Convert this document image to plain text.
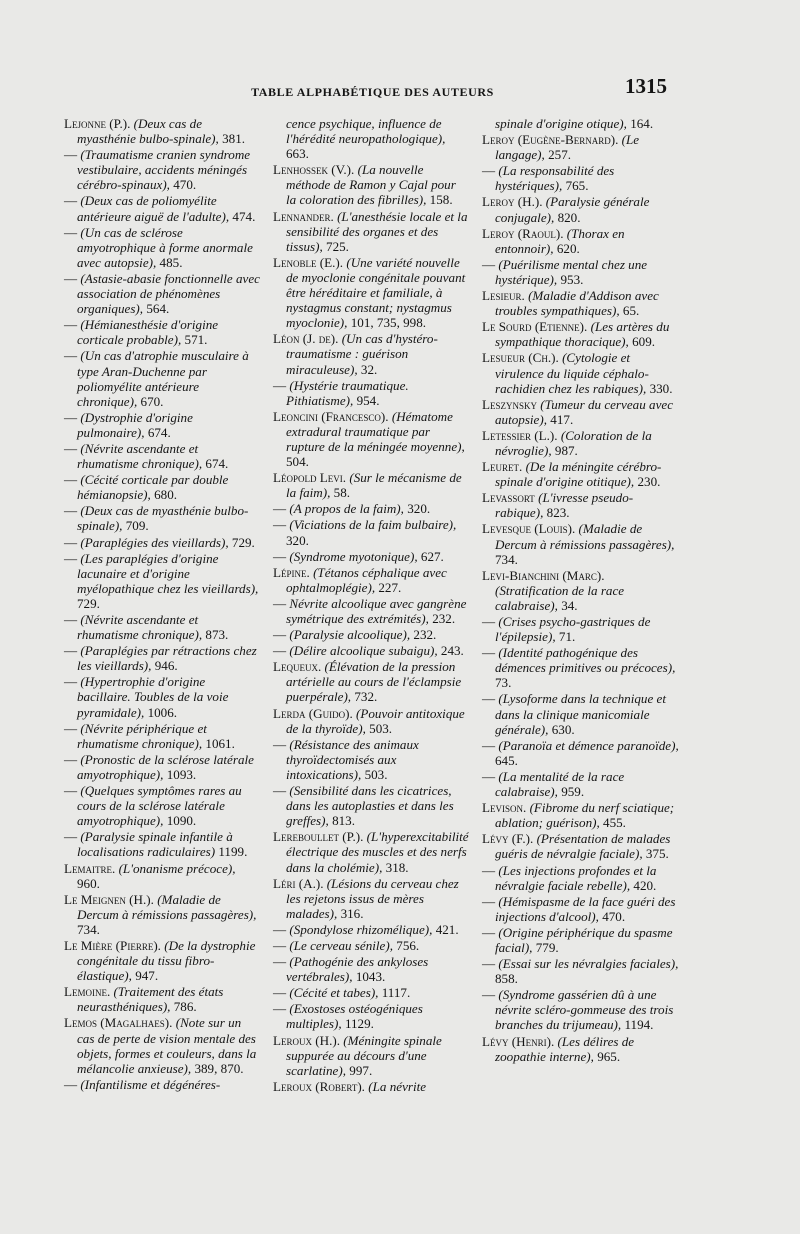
TABLE ALPHABÉTIQUE DES AUTEURS	1315
Lejonne (P.). (Deux cas de myasthénie bulbo-spinale), 381.
— (Traumatisme cranien syndrome vestibulaire, accidents méningés cérébro-spinaux), 470.
— (Deux cas de poliomyélite antérieure aiguë de l'adulte), 474.
— (Un cas de sclérose amyotrophique à forme anormale avec autopsie), 485.
— (Astasie-abasie fonctionnelle avec association de phénomènes organiques), 564.
— (Hémianesthésie d'origine corticale probable), 571.
— (Un cas d'atrophie musculaire à type Aran-Duchenne par poliomyélite antérieure chronique), 670.
— (Dystrophie d'origine pulmonaire), 674.
— (Névrite ascendante et rhumatisme chronique), 674.
— (Cécité corticale par double hémianopsie), 680.
— (Deux cas de myasthénie bulbo-spinale), 709.
— (Paraplégies des vieillards), 729.
— (Les paraplégies d'origine lacunaire et d'origine myélopathique chez les vieillards), 729.
— (Névrite ascendante et rhumatisme chronique), 873.
— (Paraplégies par rétractions chez les vieillards), 946.
— (Hypertrophie d'origine bacillaire. Toubles de la voie pyramidale), 1006.
— (Névrite périphérique et rhumatisme chronique), 1061.
— (Pronostic de la sclérose latérale amyotrophique), 1093.
— (Quelques symptômes rares au cours de la sclérose latérale amyotrophique), 1090.
— (Paralysie spinale infantile à localisations radiculaires) 1199.
Lemaitre. (L'onanisme précoce), 960.
Le Meignen (H.). (Maladie de Dercum à rémissions passagères), 734.
Le Mière (Pierre). (De la dystrophie congénitale du tissu fibro-élastique), 947.
Lemoine. (Traitement des états neurasthéniques), 786.
Lemos (Magalhaes). (Note sur un cas de perte de vision mentale des objets, formes et couleurs, dans la mélancolie anxieuse), 389, 870.
— (Infantilisme et dégénéres-
cence psychique, influence de l'hérédité neuropathologique), 663.
Lenhossek (V.). (La nouvelle méthode de Ramon y Cajal pour la coloration des fibrilles), 158.
Lennander. (L'anesthésie locale et la sensibilité des organes et des tissus), 725.
Lenoble (E.). (Une variété nouvelle de myoclonie congénitale pouvant être héréditaire et familiale, à nystagmus constant; nystagmus myoclonie), 101, 735, 998.
Léon (J. de). (Un cas d'hystéro-traumatisme : guérison miraculeuse), 32.
— (Hystérie traumatique. Pithiatisme), 954.
Leoncini (Francesco). (Hématome extradural traumatique par rupture de la méningée moyenne), 504.
Léopold Levi. (Sur le mécanisme de la faim), 58.
— (A propos de la faim), 320.
— (Viciations de la faim bulbaire), 320.
— (Syndrome myotonique), 627.
Lépine. (Tétanos céphalique avec ophtalmoplégie), 227.
— Névrite alcoolique avec gangrène symétrique des extrémités), 232.
— (Paralysie alcoolique), 232.
— (Délire alcoolique subaigu), 243.
Lequeux. (Élévation de la pression artérielle au cours de l'éclampsie puerpérale), 732.
Lerda (Guido). (Pouvoir antitoxique de la thyroïde), 503.
— (Résistance des animaux thyroïdectomisés aux intoxications), 503.
— (Sensibilité dans les cicatrices, dans les autoplasties et dans les greffes), 813.
Lereboullet (P.). (L'hyperexcitabilité électrique des muscles et des nerfs dans la cholémie), 318.
Léri (A.). (Lésions du cerveau chez les rejetons issus de mères malades), 316.
— (Spondylose rhizomélique), 421.
— (Le cerveau sénile), 756.
— (Pathogénie des ankyloses vertébrales), 1043.
— (Cécité et tabes), 1117.
— (Exostoses ostéogéniques multiples), 1129.
Leroux (H.). (Méningite spinale suppurée au décours d'une scarlatine), 997.
Leroux (Robert). (La névrite
spinale d'origine otique), 164.
Leroy (Eugène-Bernard). (Le langage), 257.
— (La responsabilité des hystériques), 765.
Leroy (H.). (Paralysie générale conjugale), 820.
Leroy (Raoul). (Thorax en entonnoir), 620.
— (Puérilisme mental chez une hystérique), 953.
Lesieur. (Maladie d'Addison avec troubles sympathiques), 65.
Le Sourd (Etienne). (Les artères du sympathique thoracique), 609.
Lesueur (Ch.). (Cytologie et virulence du liquide céphalo-rachidien chez les rabiques), 330.
Leszynsky (Tumeur du cerveau avec autopsie), 417.
Letessier (L.). (Coloration de la névroglie), 987.
Leuret. (De la méningite cérébro-spinale d'origine otitique), 230.
Levassort (L'ivresse pseudo-rabique), 823.
Levesque (Louis). (Maladie de Dercum à rémissions passagères), 734.
Levi-Bianchini (Marc). (Stratification de la race calabraise), 34.
— (Crises psycho-gastriques de l'épilepsie), 71.
— (Identité pathogénique des démences primitives ou précoces), 73.
— (Lysoforme dans la technique et dans la clinique manicomiale générale), 630.
— (Paranoïa et démence paranoïde), 645.
— (La mentalité de la race calabraise), 959.
Levison. (Fibrome du nerf sciatique; ablation; guérison), 455.
Lévy (F.). (Présentation de malades guéris de névralgie faciale), 375.
— (Les injections profondes et la névralgie faciale rebelle), 420.
— (Hémispasme de la face guéri des injections d'alcool), 470.
— (Origine périphérique du spasme facial), 779.
— (Essai sur les névralgies faciales), 858.
— (Syndrome gassérien dû à une névrite scléro-gommeuse des trois branches du trijumeau), 1194.
Lévy (Henri). (Les délires de zoopathie interne), 965.
